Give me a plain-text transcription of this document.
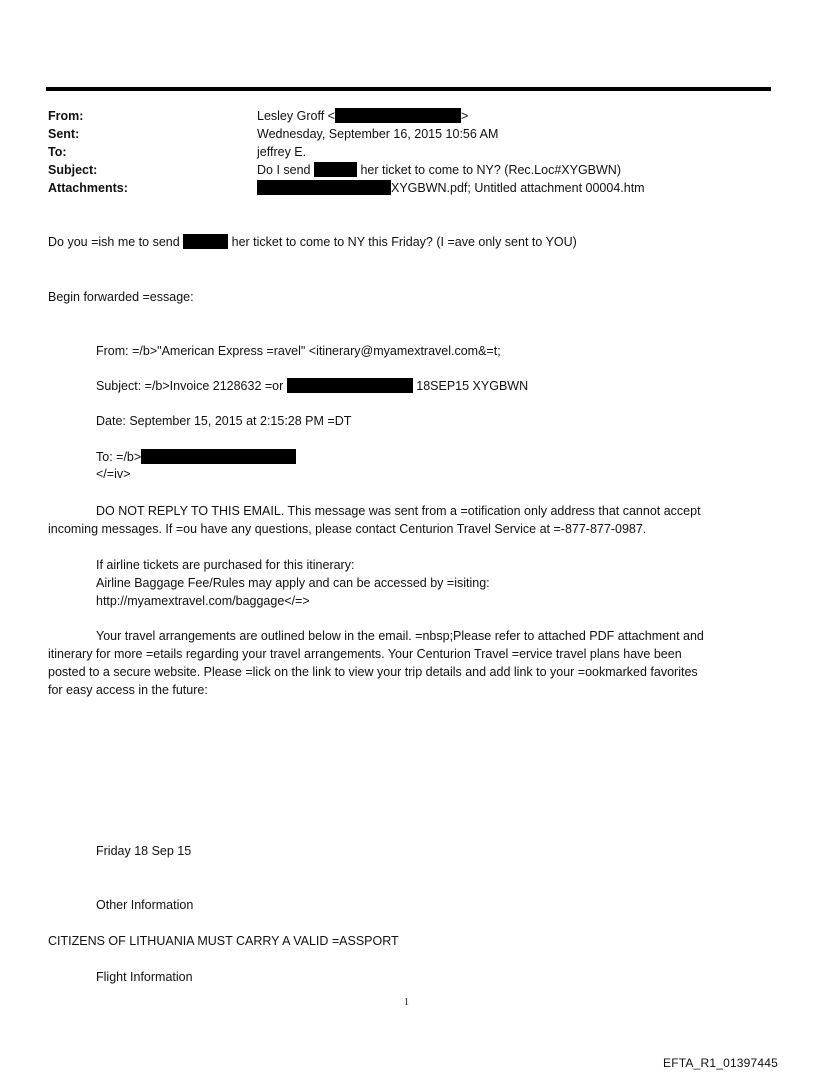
From:	Lesley Groff <	>
Sent:	Wednesday, September 16, 2015 10:56 AM
To:	jeffrey E.
Subject:	Do I send	her ticket to come to NY? (Rec.Loc#XYGBWN)
Attachments:	XYGBWN.pdf; Untitled attachment 00004.htm
Do you =ish me to send	her ticket to come to NY this Friday? (I =ave only sent to YOU)
Begin forwarded =essage:
From: =/b>"American Express =ravel" <itinerary@myamextravel.com&=t;
Subject: =/b>Invoice 2128632 =or	18SEP15 XYGBWN
Date: September 15, 2015 at 2:15:28 PM =DT
To: =/b>
</=iv>
DO NOT REPLY TO THIS EMAIL. This message was sent from a =otification only address that cannot accept
incoming messages. If =ou have any questions, please contact Centurion Travel Service at =-877-877-0987.
If airline tickets are purchased for this itinerary:
Airline Baggage Fee/Rules may apply and can be accessed by =isiting:
http://myamextravel.com/baggage</=>
Your travel arrangements are outlined below in the email. =nbsp;Please refer to attached PDF attachment and
itinerary for more =etails regarding your travel arrangements. Your Centurion Travel =ervice travel plans have been
posted to a secure website. Please =lick on the link to view your trip details and add link to your =ookmarked favorites
for easy access in the future:
Friday 18 Sep 15
Other Information
CITIZENS OF LITHUANIA MUST CARRY A VALID =ASSPORT
Flight Information
1
EFTA_R1_01397445
